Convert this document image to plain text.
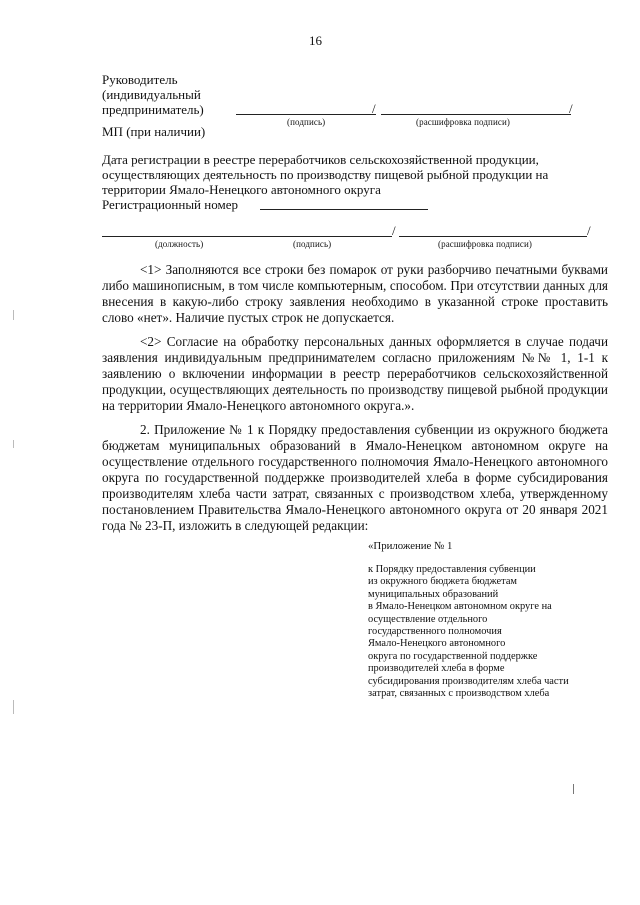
16
Руководитель
(индивидуальный
предприниматель)	/	/
(подпись)	(расшифровка подписи)
МП (при наличии)
Дата регистрации в реестре переработчиков сельскохозяйственной продукции,
осуществляющих деятельность по производству пищевой рыбной продукции на
территории Ямало-Ненецкого автономного округа
Регистрационный номер
/	/
(должность)	(подпись)	(расшифровка подписи)
<1> Заполняются все строки без помарок от руки разборчиво печатными буквами либо машинописным, в том числе компьютерным, способом. При отсутствии данных для внесения в какую-либо строку заявления необходимо в указанной строке проставить слово «нет». Наличие пустых строк не допускается.
<2> Согласие на обработку персональных данных оформляется в случае подачи заявления индивидуальным предпринимателем согласно приложениям №№ 1, 1-1 к заявлению о включении информации в реестр переработчиков сельскохозяйственной продукции, осуществляющих деятельность по производству пищевой рыбной продукции на территории Ямало-Ненецкого автономного округа.».
2. Приложение № 1 к Порядку предоставления субвенции из окружного бюджета бюджетам муниципальных образований в Ямало-Ненецком автономном округе на осуществление отдельного государственного полномочия Ямало-Ненецкого автономного округа по государственной поддержке производителей хлеба в форме субсидирования производителям хлеба части затрат, связанных с производством хлеба, утвержденному постановлением Правительства Ямало-Ненецкого автономного округа от 20 января 2021 года № 23-П, изложить в следующей редакции:
«Приложение № 1
к Порядку предоставления субвенции
из окружного бюджета бюджетам
муниципальных образований
в Ямало-Ненецком автономном округе на
осуществление отдельного
государственного полномочия
Ямало-Ненецкого автономного
округа по государственной поддержке
производителей хлеба в форме
субсидирования производителям хлеба части
затрат, связанных с производством хлеба
